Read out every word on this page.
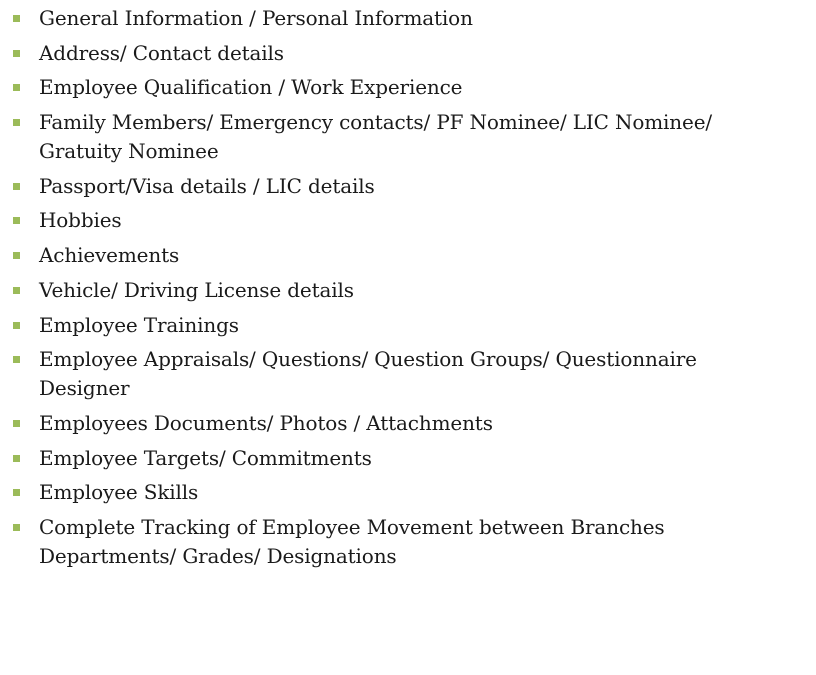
General Information / Personal Information
Address/ Contact details
Employee Qualification / Work Experience
Family Members/ Emergency contacts/ PF Nominee/ LIC Nominee/ Gratuity Nominee
Passport/Visa details / LIC details
Hobbies
Achievements
Vehicle/ Driving License details
Employee Trainings
Employee Appraisals/ Questions/ Question Groups/ Questionnaire Designer
Employees Documents/ Photos / Attachments
Employee Targets/ Commitments
Employee Skills
Complete Tracking of Employee Movement between Branches Departments/ Grades/ Designations
